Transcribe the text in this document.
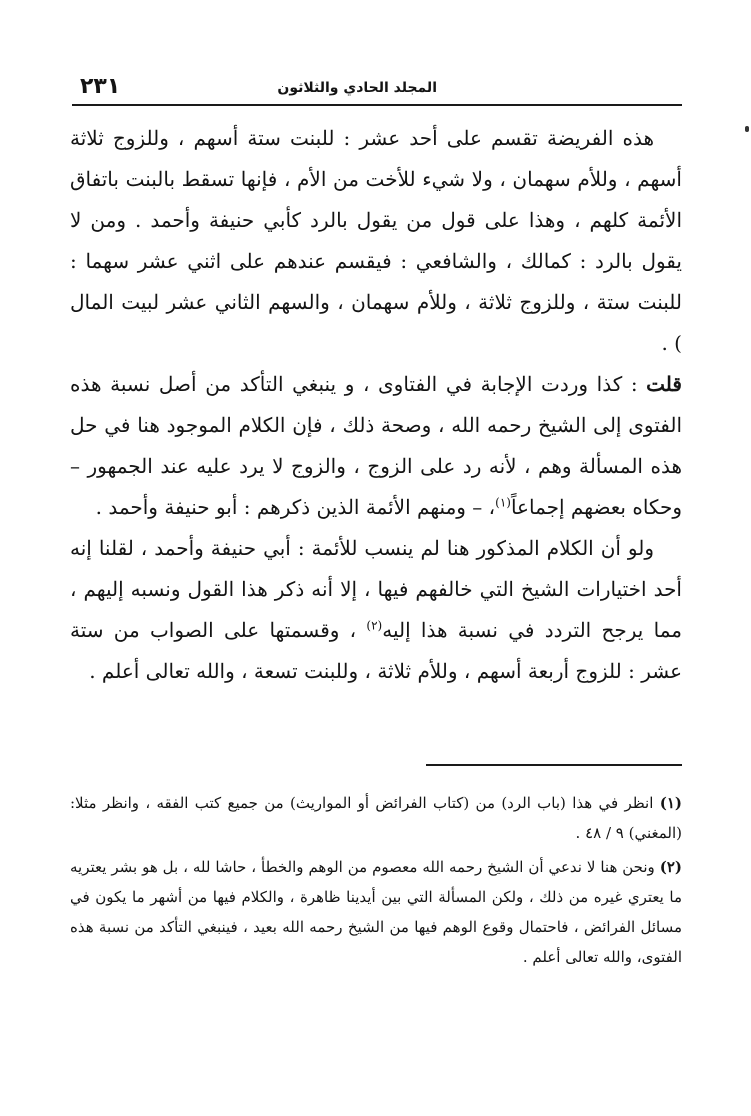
المجلد الحادي والثلاثون
٢٣١

هذه الفريضة تقسم على أحد عشر : للبنت ستة أسهم ، وللزوج ثلاثة أسهم ، وللأم سهمان ، ولا شيء للأخت من الأم ، فإنها تسقط بالبنت باتفاق الأئمة كلهم ، وهذا على قول من يقول بالرد كأبي حنيفة وأحمد . ومن لا يقول بالرد : كمالك ، والشافعي : فيقسم عندهم على اثني عشر سهما : للبنت ستة ، وللزوج ثلاثة ، وللأم سهمان ، والسهم الثاني عشر لبيت المال ) .

قلت : كذا وردت الإجابة في الفتاوى ، و ينبغي التأكد من أصل نسبة هذه الفتوى إلى الشيخ رحمه الله ، وصحة ذلك ، فإن الكلام الموجود هنا في حل هذه المسألة وهم ، لأنه رد على الزوج ، والزوج لا يرد عليه عند الجمهور – وحكاه بعضهم إجماعاً$^{(١)}$، – ومنهم الأئمة الذين ذكرهم : أبو حنيفة وأحمد .

ولو أن الكلام المذكور هنا لم ينسب للأئمة : أبي حنيفة وأحمد ، لقلنا إنه أحد اختيارات الشيخ التي خالفهم فيها ، إلا أنه ذكر هذا القول ونسبه إليهم ، مما يرجح التردد في نسبة هذا إليه$^{(٢)}$ ، وقسمتها على الصواب من ستة عشر : للزوج أربعة أسهم ، وللأم ثلاثة ، وللبنت تسعة ، والله تعالى أعلم .

(١) انظر في هذا (باب الرد) من (كتاب الفرائض أو المواريث) من جميع كتب الفقه ، وانظر مثلا: (المغني) ٩ / ٤٨ .

(٢) ونحن هنا لا ندعي أن الشيخ رحمه الله معصوم من الوهم والخطأ ، حاشا لله ، بل هو بشر يعتريه ما يعتري غيره من ذلك ، ولكن المسألة التي بين أيدينا ظاهرة ، والكلام فيها من أشهر ما يكون في مسائل الفرائض ، فاحتمال وقوع الوهم فيها من الشيخ رحمه الله بعيد ، فينبغي التأكد من نسبة هذه الفتوى، والله تعالى أعلم .
